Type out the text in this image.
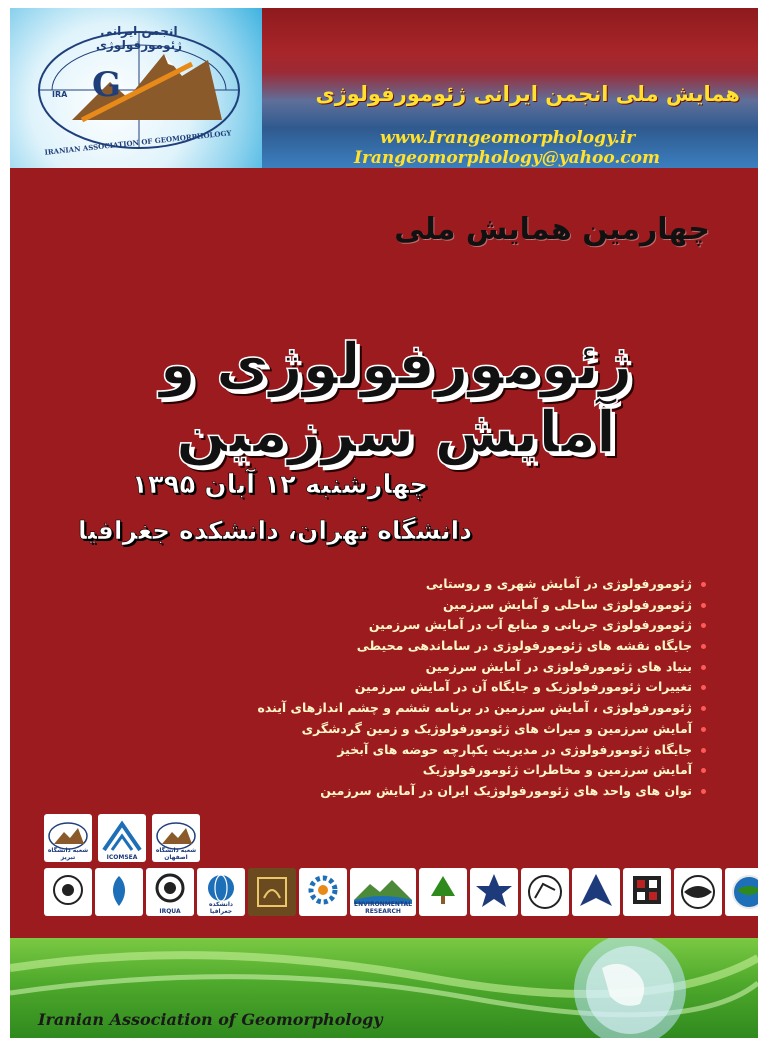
G
انجمن ایرانی ژئومورفولوژی
IRA
IRANIAN ASSOCIATION OF GEOMORPHOLOGY
همایش ملی انجمن ایرانی ژئومورفولوژی
www.Irangeomorphology.ir
Irangeomorphology@yahoo.com
چهارمین همایش ملی
ژئومورفولوژی و آمایش سرزمین
چهارشنبه ۱۲ آبان ۱۳۹۵
دانشگاه تهران، دانشکده جغرافیا
ژئومورفولوژی در آمایش شهری و روستایی
ژئومورفولوژی ساحلی و آمایش سرزمین
ژئومورفولوژی جریانی و منابع آب در آمایش سرزمین
جایگاه نقشه های ژئومورفولوژی در ساماندهی محیطی
بنیاد های ژئومورفولوژی در آمایش سرزمین
تغییرات ژئومورفولوژیک و جایگاه آن در آمایش سرزمین
ژئومورفولوژی ، آمایش سرزمین در برنامه ششم و چشم اندازهای آینده
آمایش سرزمین و میراث های ژئومورفولوژیک و زمین گردشگری
جایگاه ژئومورفولوژی در مدیریت یکپارچه حوضه های آبخیز
آمایش سرزمین و مخاطرات ژئومورفولوژیک
توان های واحد های ژئومورفولوژیک ایران در آمایش سرزمین
شعبه دانشگاه تبریز	ICOMSEA
شعبه دانشگاه اصفهان
IRQUA
دانشکده جغرافیا
ENVIRONMENTAL RESEARCH
Iranian Association of Geomorphology
